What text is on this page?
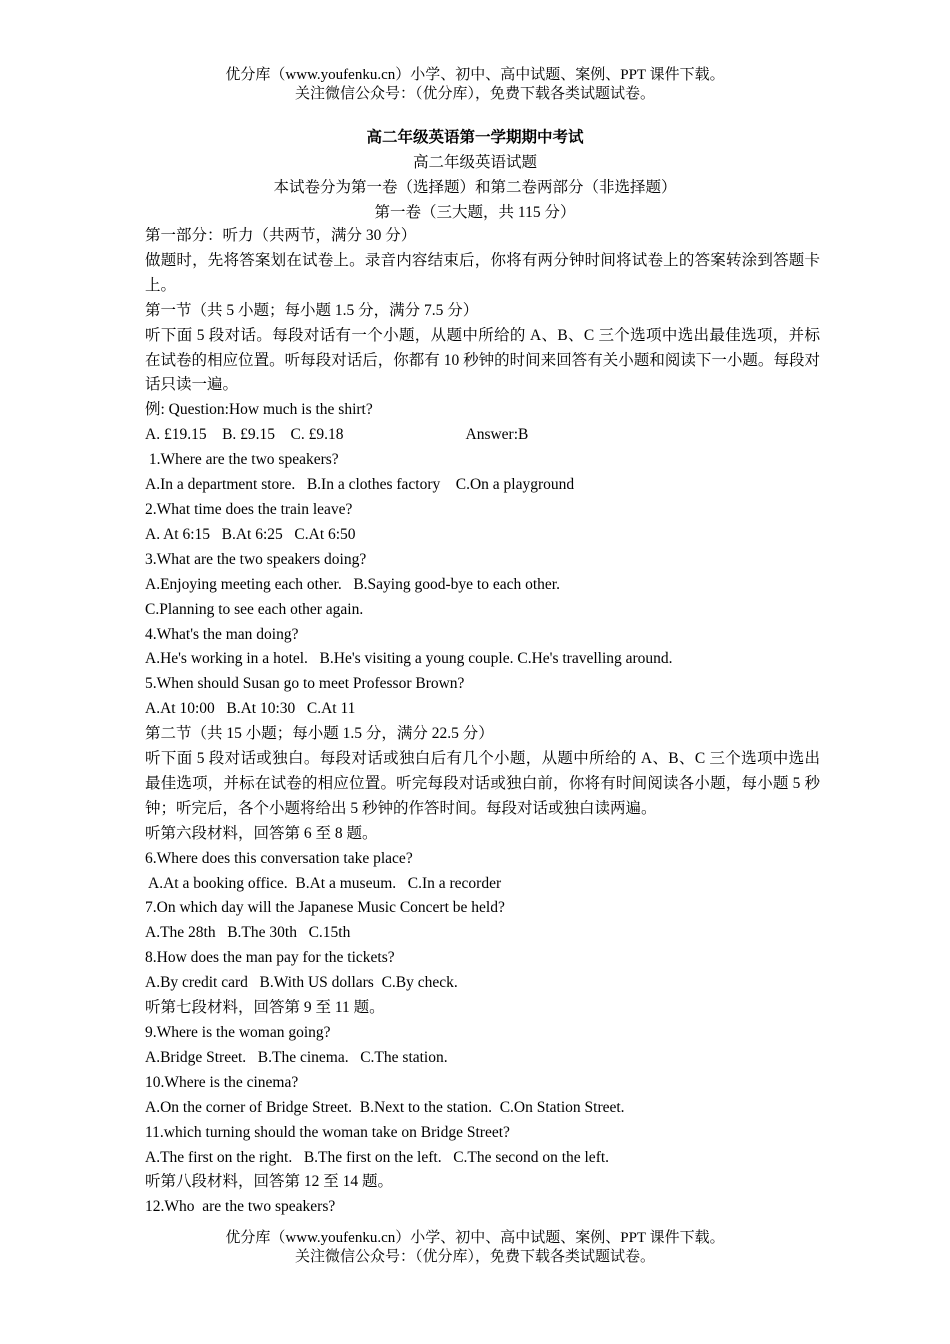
优分库（www.youfenku.cn）小学、初中、高中试题、案例、PPT 课件下载。
关注微信公众号：（优分库），免费下载各类试题试卷。
高二年级英语第一学期期中考试
高二年级英语试题
本试卷分为第一卷（选择题）和第二卷两部分（非选择题）
第一卷（三大题，共 115 分）
第一部分：听力（共两节，满分 30 分）
做题时，先将答案划在试卷上。录音内容结束后，你将有两分钟时间将试卷上的答案转涂到答题卡上。
第一节（共 5 小题；每小题 1.5 分，满分 7.5 分）
听下面 5 段对话。每段对话有一个小题，从题中所给的 A、B、C 三个选项中选出最佳选项，并标在试卷的相应位置。听每段对话后，你都有 10 秒钟的时间来回答有关小题和阅读下一小题。每段对话只读一遍。
例: Question:How much is the shirt?
A. £19.15    B. £9.15    C. £9.18	Answer:B
1.Where are the two speakers?
A.In a department store.   B.In a clothes factory    C.On a playground
2.What time does the train leave?
A. At 6:15   B.At 6:25   C.At 6:50
3.What are the two speakers doing?
A.Enjoying meeting each other.   B.Saying good-bye to each other.
C.Planning to see each other again.
4.What's the man doing?
A.He's working in a hotel.   B.He's visiting a young couple. C.He's travelling around.
5.When should Susan go to meet Professor Brown?
A.At 10:00   B.At 10:30   C.At 11
第二节（共 15 小题；每小题 1.5 分，满分 22.5 分）
听下面 5 段对话或独白。每段对话或独白后有几个小题，从题中所给的 A、B、C 三个选项中选出最佳选项，并标在试卷的相应位置。听完每段对话或独白前，你将有时间阅读各小题，每小题 5 秒钟；听完后，各个小题将给出 5 秒钟的作答时间。每段对话或独白读两遍。
听第六段材料，回答第 6 至 8 题。
6.Where does this conversation take place?
A.At a booking office.  B.At a museum.   C.In a recorder
7.On which day will the Japanese Music Concert be held?
A.The 28th   B.The 30th   C.15th
8.How does the man pay for the tickets?
A.By credit card   B.With US dollars  C.By check.
听第七段材料，回答第 9 至 11 题。
9.Where is the woman going?
A.Bridge Street.   B.The cinema.   C.The station.
10.Where is the cinema?
A.On the corner of Bridge Street.  B.Next to the station.  C.On Station Street.
11.which turning should the woman take on Bridge Street?
A.The first on the right.   B.The first on the left.   C.The second on the left.
听第八段材料，回答第 12 至 14 题。
12.Who  are the two speakers?
优分库（www.youfenku.cn）小学、初中、高中试题、案例、PPT 课件下载。
关注微信公众号：（优分库），免费下载各类试题试卷。
